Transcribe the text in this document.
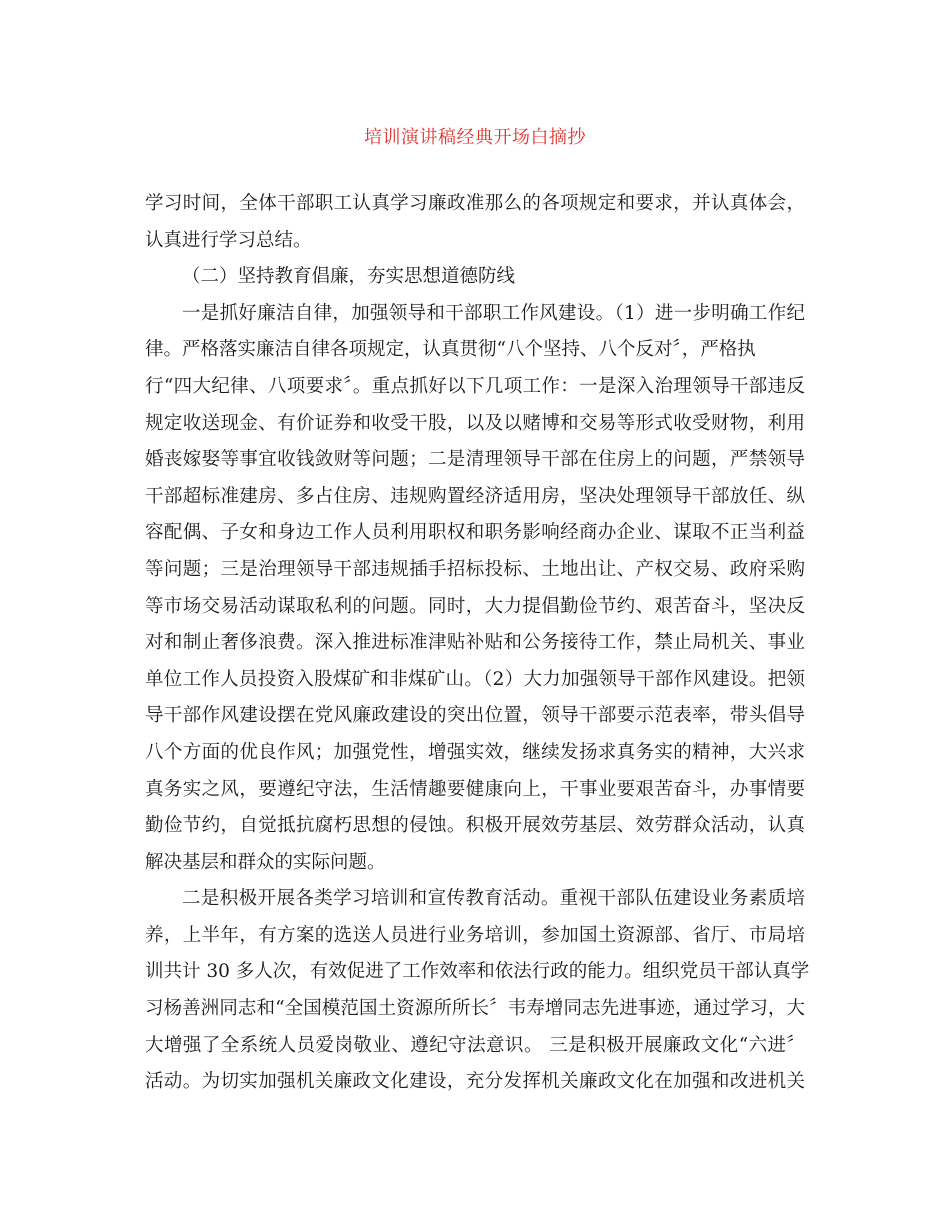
培训演讲稿经典开场白摘抄
学习时间，全体干部职工认真学习廉政准那么的各项规定和要求，并认真体会，
认真进行学习总结。
（二）坚持教育倡廉，夯实思想道德防线
一是抓好廉洁自律，加强领导和干部职工作风建设。（1）进一步明确工作纪
律。严格落实廉洁自律各项规定，认真贯彻“八个坚持、八个反对〞，严格执
行“四大纪律、八项要求〞。重点抓好以下几项工作：一是深入治理领导干部违反
规定收送现金、有价证券和收受干股，以及以赌博和交易等形式收受财物，利用
婚丧嫁娶等事宜收钱敛财等问题；二是清理领导干部在住房上的问题，严禁领导
干部超标准建房、多占住房、违规购置经济适用房，坚决处理领导干部放任、纵
容配偶、子女和身边工作人员利用职权和职务影响经商办企业、谋取不正当利益
等问题；三是治理领导干部违规插手招标投标、土地出让、产权交易、政府采购
等市场交易活动谋取私利的问题。同时，大力提倡勤俭节约、艰苦奋斗，坚决反
对和制止奢侈浪费。深入推进标准津贴补贴和公务接待工作，禁止局机关、事业
单位工作人员投资入股煤矿和非煤矿山。（2）大力加强领导干部作风建设。把领
导干部作风建设摆在党风廉政建设的突出位置，领导干部要示范表率，带头倡导
八个方面的优良作风；加强党性，增强实效，继续发扬求真务实的精神，大兴求
真务实之风，要遵纪守法，生活情趣要健康向上，干事业要艰苦奋斗，办事情要
勤俭节约，自觉抵抗腐朽思想的侵蚀。积极开展效劳基层、效劳群众活动，认真
解决基层和群众的实际问题。
二是积极开展各类学习培训和宣传教育活动。重视干部队伍建设业务素质培
养，上半年，有方案的选送人员进行业务培训，参加国土资源部、省厅、市局培
训共计 30 多人次，有效促进了工作效率和依法行政的能力。组织党员干部认真学
习杨善洲同志和“全国模范国土资源所所长〞韦寿增同志先进事迹，通过学习，大
大增强了全系统人员爱岗敬业、遵纪守法意识。 三是积极开展廉政文化“六进〞
活动。为切实加强机关廉政文化建设，充分发挥机关廉政文化在加强和改进机关
